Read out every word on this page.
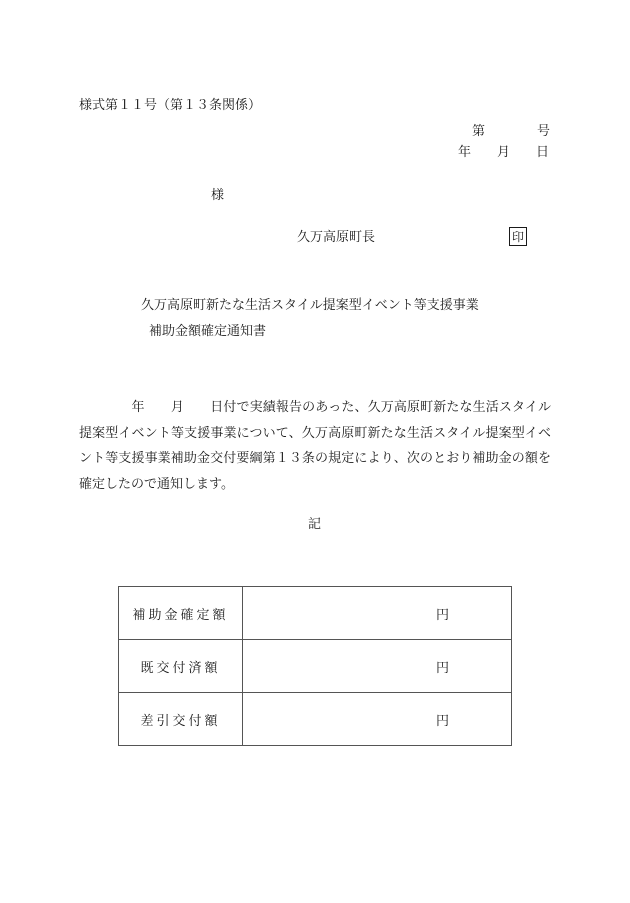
様式第１１号（第１３条関係）
第　　　　号
年　　月　　日
様
久万高原町長	印
久万高原町新たな生活スタイル提案型イベント等支援事業
補助金額確定通知書
　　　　年　　月　　日付で実績報告のあった、久万高原町新たな生活スタイル提案型イベント等支援事業について、久万高原町新たな生活スタイル提案型イベント等支援事業補助金交付要綱第１３条の規定により、次のとおり補助金の額を確定したので通知します。
記
補助金確定額	円
既交付済額	円
差引交付額	円
